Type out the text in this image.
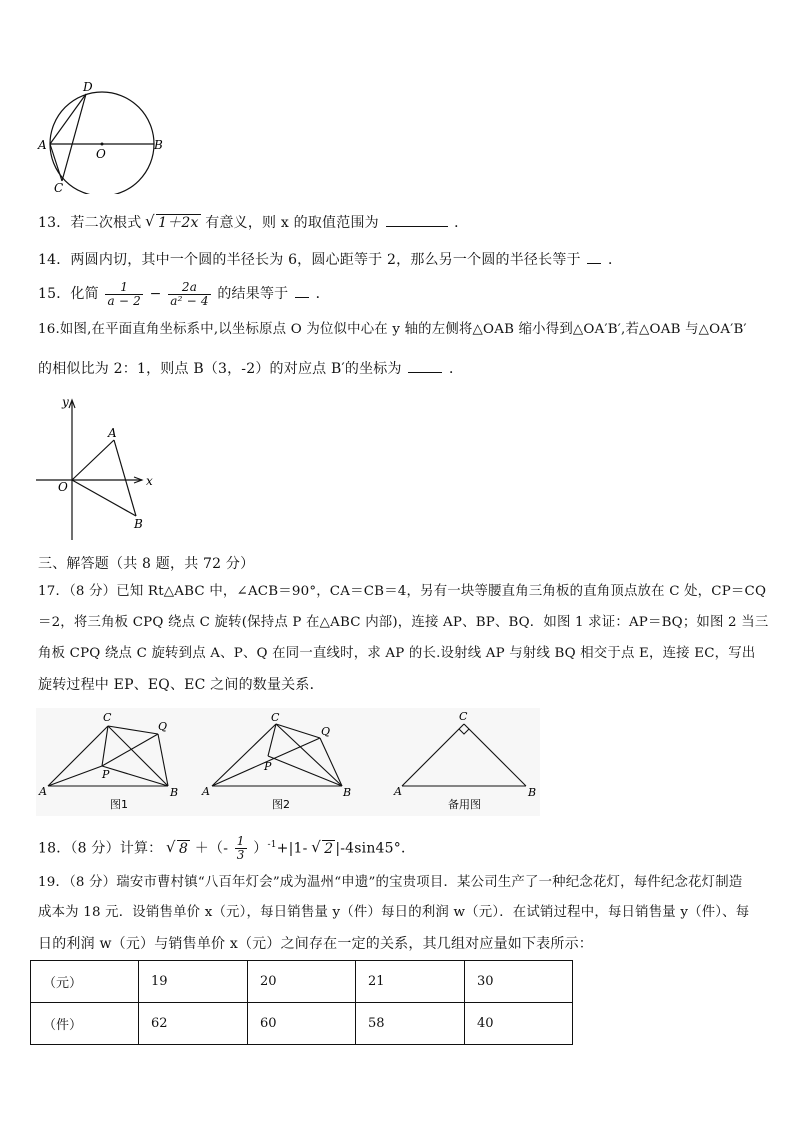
D
A
O
B
C
13．若二次根式 √ 1＋2x 有意义，则 x 的取值范围为	．
14．两圆内切，其中一个圆的半径长为 6，圆心距等于 2，那么另一个圆的半径长等于 ．
15．化简 $\frac{1}{a - 2} - \frac{2a}{\text{a² − 4}}$ 的结果等于 ．
16.如图,在平面直角坐标系中,以坐标原点 O 为位似中心在 y 轴的左侧将△OAB 缩小得到△OA′B′,若△OAB 与△OA′B′
的相似比为 2：1，则点 B（3，-2）的对应点 B′的坐标为	．
y
x
O
A
B
三、解答题（共 8 题，共 72 分）
17．（8 分）已知 Rt△ABC 中，∠ACB＝90°，CA＝CB＝4，另有一块等腰直角三角板的直角顶点放在 C 处，CP＝CQ
＝2，将三角板 CPQ 绕点 C 旋转(保持点 P 在△ABC 内部)，连接 AP、BP、BQ．如图 1 求证：AP＝BQ；如图 2 当三
角板 CPQ 绕点 C 旋转到点 A、P、Q 在同一直线时，求 AP 的长.设射线 AP 与射线 BQ 相交于点 E，连接 EC，写出
旋转过程中 EP、EQ、EC 之间的数量关系．
C
Q
P
A	B
图1
C
Q
P
A	B
图2
C
A	B
备用图
18．（8 分）计算： √ 8 ＋（- $\frac{1}{3} )^{-1}+|1-$ √ 2 |-4sin45°．
19．（8 分）瑞安市曹村镇“八百年灯会”成为温州“申遗”的宝贵项目．某公司生产了一种纪念花灯，每件纪念花灯制造
成本为 18 元．设销售单价 x（元），每日销售量 y（件）每日的利润 w（元）．在试销过程中，每日销售量 y（件）、每
日的利润 w（元）与销售单价 x（元）之间存在一定的关系，其几组对应量如下表所示：
（元）	19	20	21	30
（件）	62	60	58	40
